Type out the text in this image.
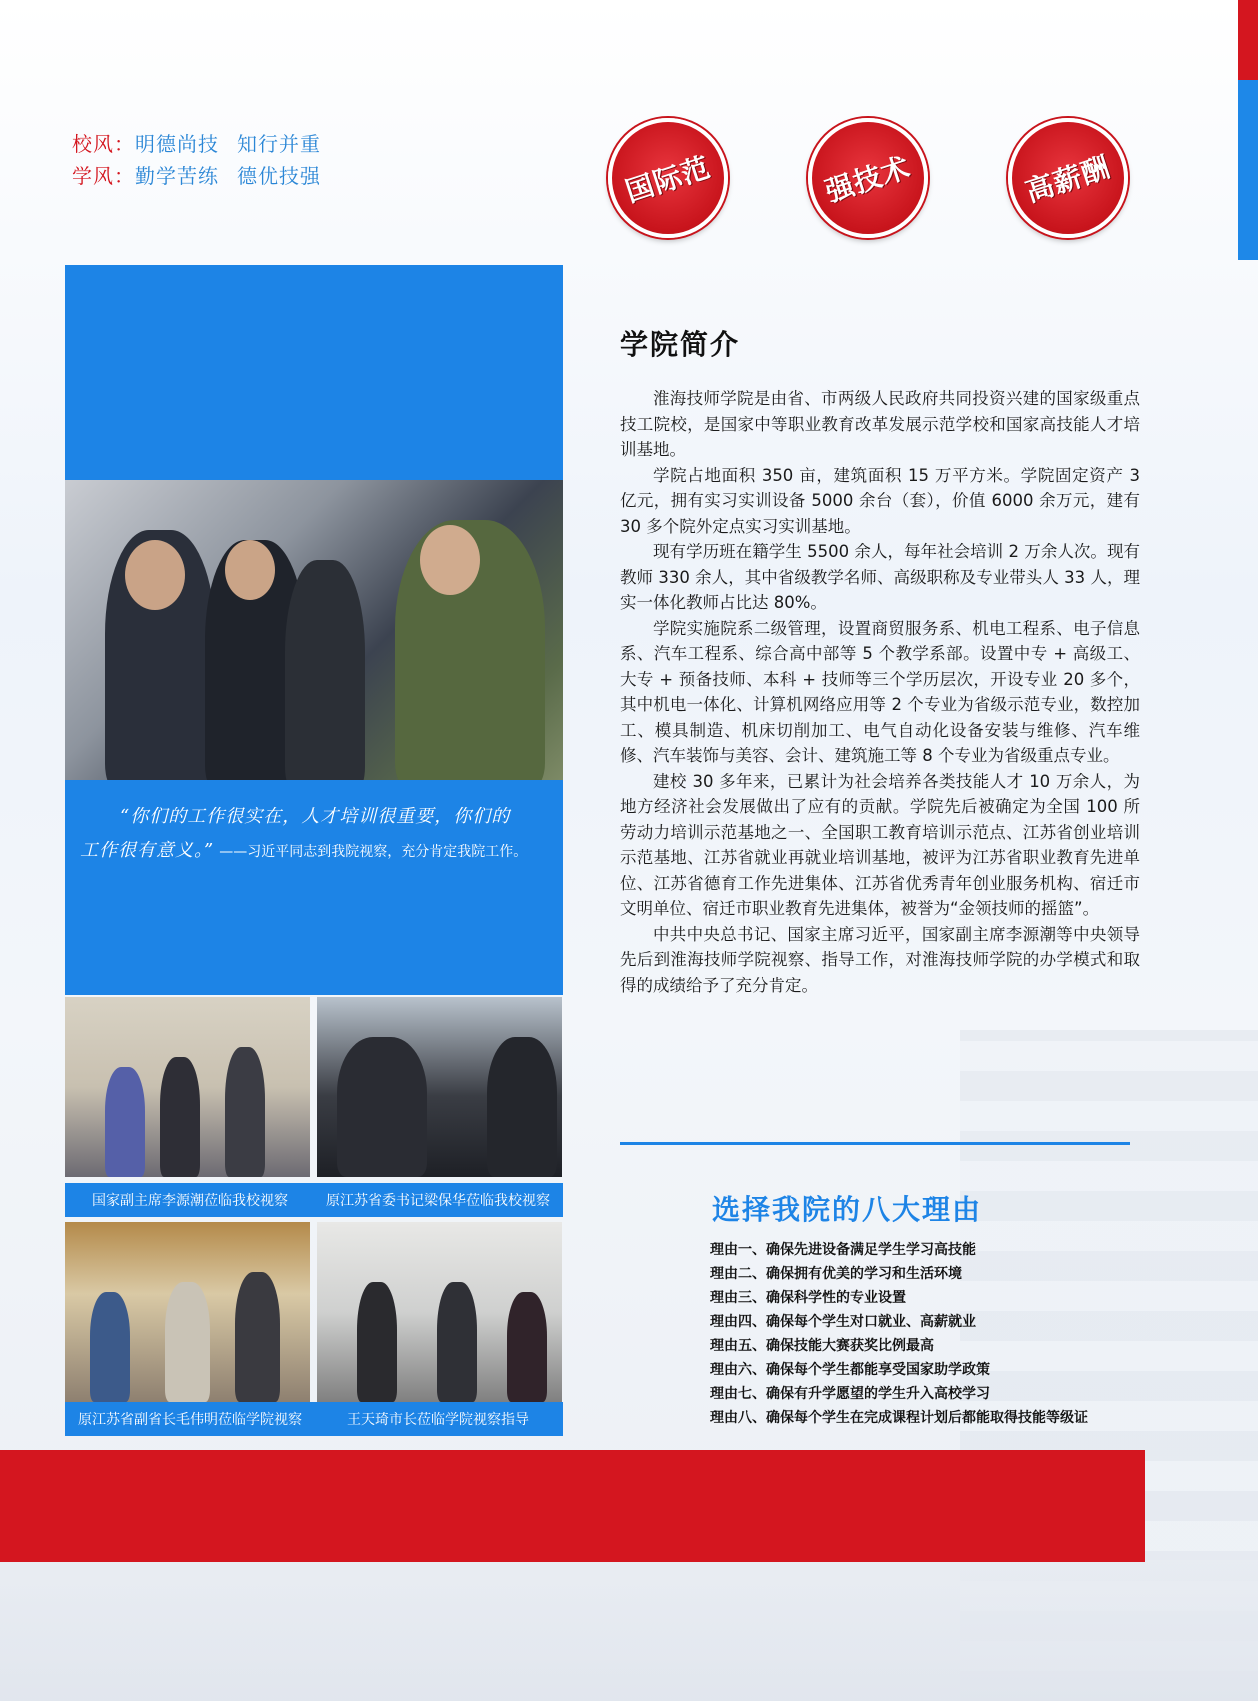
校风：明德尚技 知行并重
学风：勤学苦练 德优技强	国际范	强技术	高薪酬
“你们的工作很实在，人才培训很重要，你们的
工作很有意义。” ——习近平同志到我院视察，充分肯定我院工作。
国家副主席李源潮莅临我校视察	原江苏省委书记梁保华莅临我校视察
原江苏省副省长毛伟明莅临学院视察	王天琦市长莅临学院视察指导
学院简介

淮海技师学院是由省、市两级人民政府共同投资兴建的国家级重点技工院校，是国家中等职业教育改革发展示范学校和国家高技能人才培训基地。

学院占地面积 350 亩，建筑面积 15 万平方米。学院固定资产 3 亿元，拥有实习实训设备 5000 余台（套），价值 6000 余万元，建有 30 多个院外定点实习实训基地。

现有学历班在籍学生 5500 余人，每年社会培训 2 万余人次。现有教师 330 余人，其中省级教学名师、高级职称及专业带头人 33 人，理实一体化教师占比达 80%。

学院实施院系二级管理，设置商贸服务系、机电工程系、电子信息系、汽车工程系、综合高中部等 5 个教学系部。设置中专 + 高级工、大专 + 预备技师、本科 + 技师等三个学历层次，开设专业 20 多个，其中机电一体化、计算机网络应用等 2 个专业为省级示范专业，数控加工、模具制造、机床切削加工、电气自动化设备安装与维修、汽车维修、汽车装饰与美容、会计、建筑施工等 8 个专业为省级重点专业。

建校 30 多年来，已累计为社会培养各类技能人才 10 万余人，为地方经济社会发展做出了应有的贡献。学院先后被确定为全国 100 所劳动力培训示范基地之一、全国职工教育培训示范点、江苏省创业培训示范基地、江苏省就业再就业培训基地，被评为江苏省职业教育先进单位、江苏省德育工作先进集体、江苏省优秀青年创业服务机构、宿迁市文明单位、宿迁市职业教育先进集体，被誉为“金领技师的摇篮”。

中共中央总书记、国家主席习近平，国家副主席李源潮等中央领导先后到淮海技师学院视察、指导工作，对淮海技师学院的办学模式和取得的成绩给予了充分肯定。

选择我院的八大理由
理由一、确保先进设备满足学生学习高技能
理由二、确保拥有优美的学习和生活环境
理由三、确保科学性的专业设置
理由四、确保每个学生对口就业、高薪就业
理由五、确保技能大赛获奖比例最高
理由六、确保每个学生都能享受国家助学政策
理由七、确保有升学愿望的学生升入高校学习
理由八、确保每个学生在完成课程计划后都能取得技能等级证
